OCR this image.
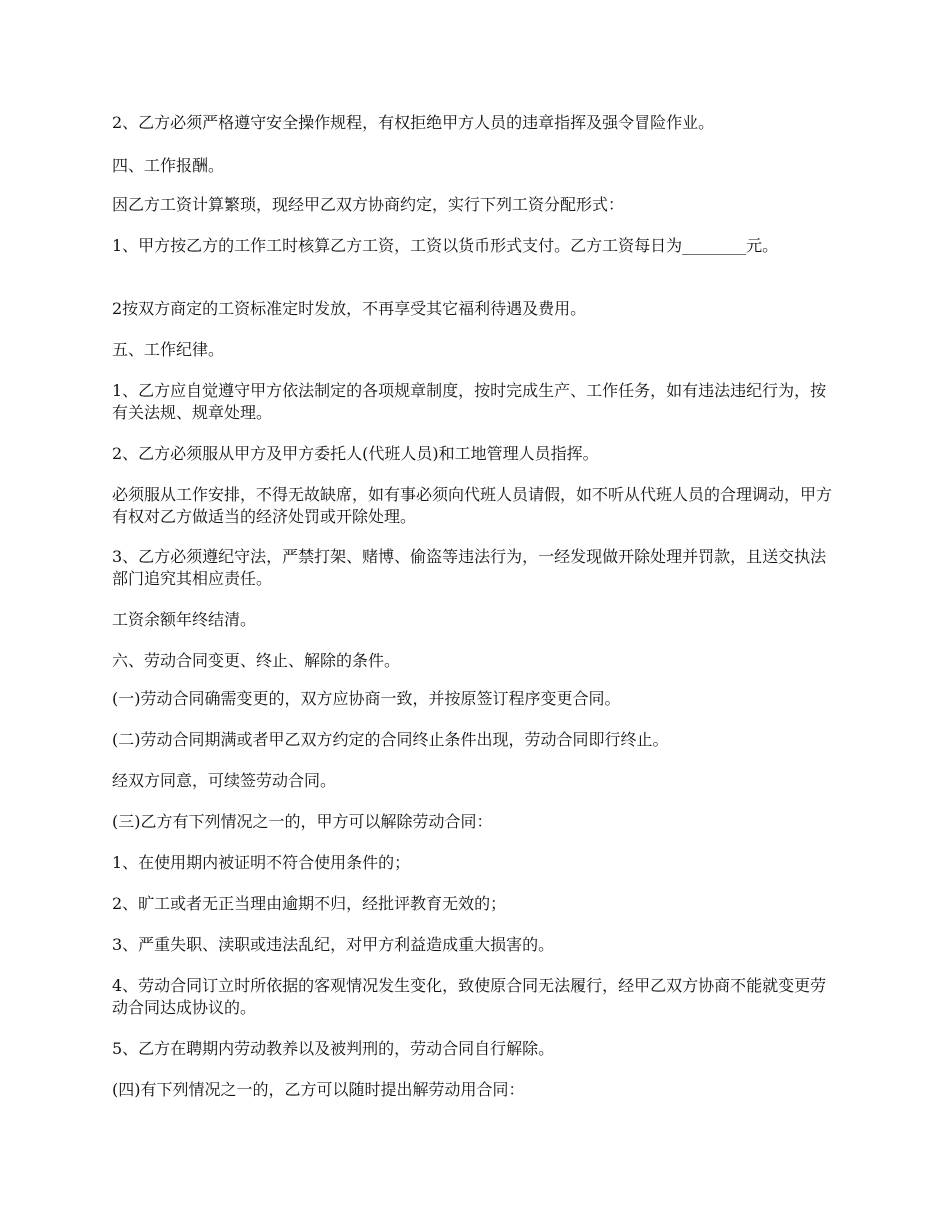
2、乙方必须严格遵守安全操作规程，有权拒绝甲方人员的违章指挥及强令冒险作业。

四、工作报酬。

因乙方工资计算繁琐，现经甲乙双方协商约定，实行下列工资分配形式：

1、甲方按乙方的工作工时核算乙方工资，工资以货币形式支付。乙方工资每日为________元。

2按双方商定的工资标准定时发放，不再享受其它福利待遇及费用。

五、工作纪律。

1、乙方应自觉遵守甲方依法制定的各项规章制度，按时完成生产、工作任务，如有违法违纪行为，按有关法规、规章处理。

2、乙方必须服从甲方及甲方委托人(代班人员)和工地管理人员指挥。

必须服从工作安排，不得无故缺席，如有事必须向代班人员请假，如不听从代班人员的合理调动，甲方有权对乙方做适当的经济处罚或开除处理。

3、乙方必须遵纪守法，严禁打架、赌博、偷盗等违法行为，一经发现做开除处理并罚款，且送交执法部门追究其相应责任。

工资余额年终结清。

六、劳动合同变更、终止、解除的条件。

(一)劳动合同确需变更的，双方应协商一致，并按原签订程序变更合同。

(二)劳动合同期满或者甲乙双方约定的合同终止条件出现，劳动合同即行终止。

经双方同意，可续签劳动合同。

(三)乙方有下列情况之一的，甲方可以解除劳动合同：

1、在使用期内被证明不符合使用条件的；

2、旷工或者无正当理由逾期不归，经批评教育无效的；

3、严重失职、渎职或违法乱纪，对甲方利益造成重大损害的。

4、劳动合同订立时所依据的客观情况发生变化，致使原合同无法履行，经甲乙双方协商不能就变更劳动合同达成协议的。

5、乙方在聘期内劳动教养以及被判刑的，劳动合同自行解除。

(四)有下列情况之一的，乙方可以随时提出解劳动用合同：
